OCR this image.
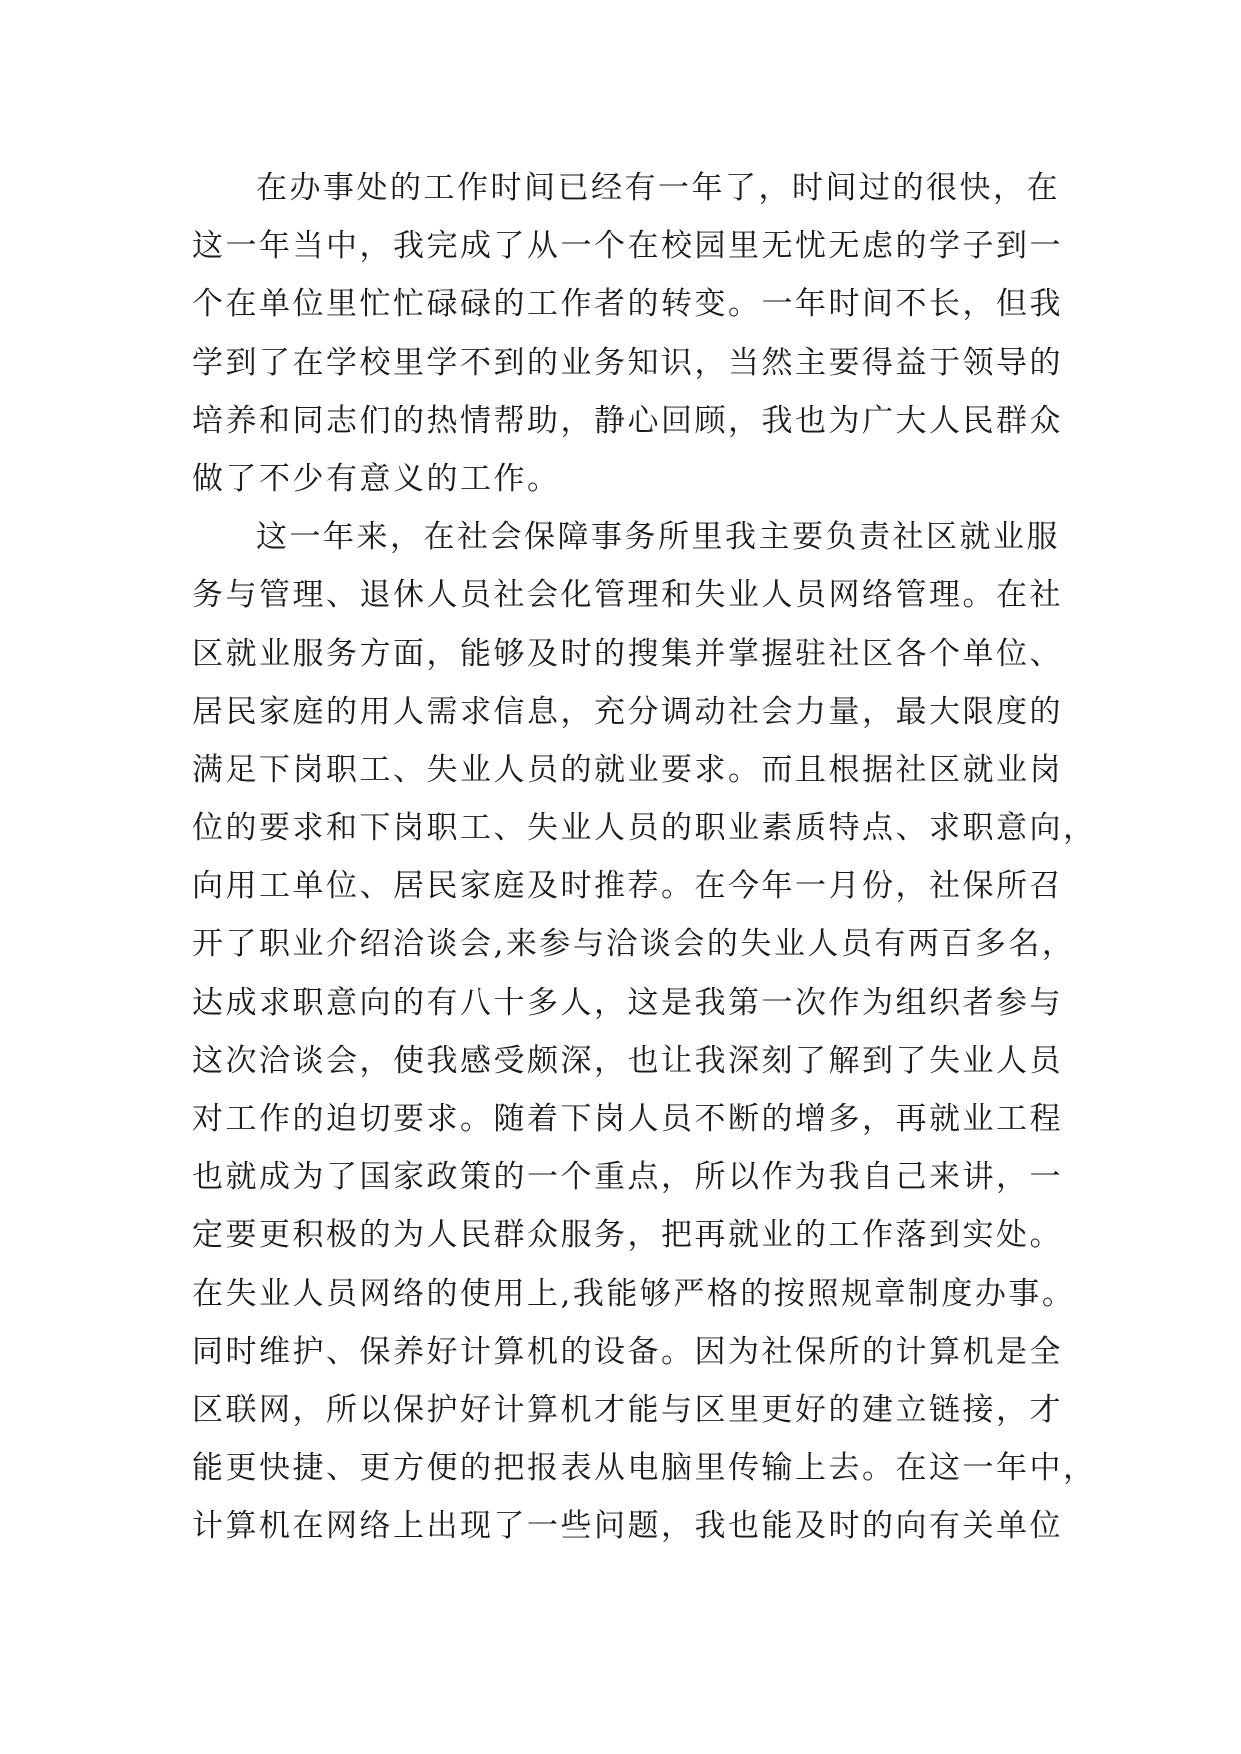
在办事处的工作时间已经有一年了，时间过的很快，在
这一年当中，我完成了从一个在校园里无忧无虑的学子到一
个在单位里忙忙碌碌的工作者的转变。一年时间不长，但我
学到了在学校里学不到的业务知识，当然主要得益于领导的
培养和同志们的热情帮助，静心回顾，我也为广大人民群众
做了不少有意义的工作。
这一年来，在社会保障事务所里我主要负责社区就业服
务与管理、退休人员社会化管理和失业人员网络管理。在社
区就业服务方面，能够及时的搜集并掌握驻社区各个单位、
居民家庭的用人需求信息，充分调动社会力量，最大限度的
满足下岗职工、失业人员的就业要求。而且根据社区就业岗
位的要求和下岗职工、失业人员的职业素质特点、求职意向，
向用工单位、居民家庭及时推荐。在今年一月份，社保所召
开了职业介绍洽谈会,来参与洽谈会的失业人员有两百多名，
达成求职意向的有八十多人，这是我第一次作为组织者参与
这次洽谈会，使我感受颇深，也让我深刻了解到了失业人员
对工作的迫切要求。随着下岗人员不断的增多，再就业工程
也就成为了国家政策的一个重点，所以作为我自己来讲，一
定要更积极的为人民群众服务，把再就业的工作落到实处。
在失业人员网络的使用上,我能够严格的按照规章制度办事。
同时维护、保养好计算机的设备。因为社保所的计算机是全
区联网，所以保护好计算机才能与区里更好的建立链接，才
能更快捷、更方便的把报表从电脑里传输上去。在这一年中，
计算机在网络上出现了一些问题，我也能及时的向有关单位
